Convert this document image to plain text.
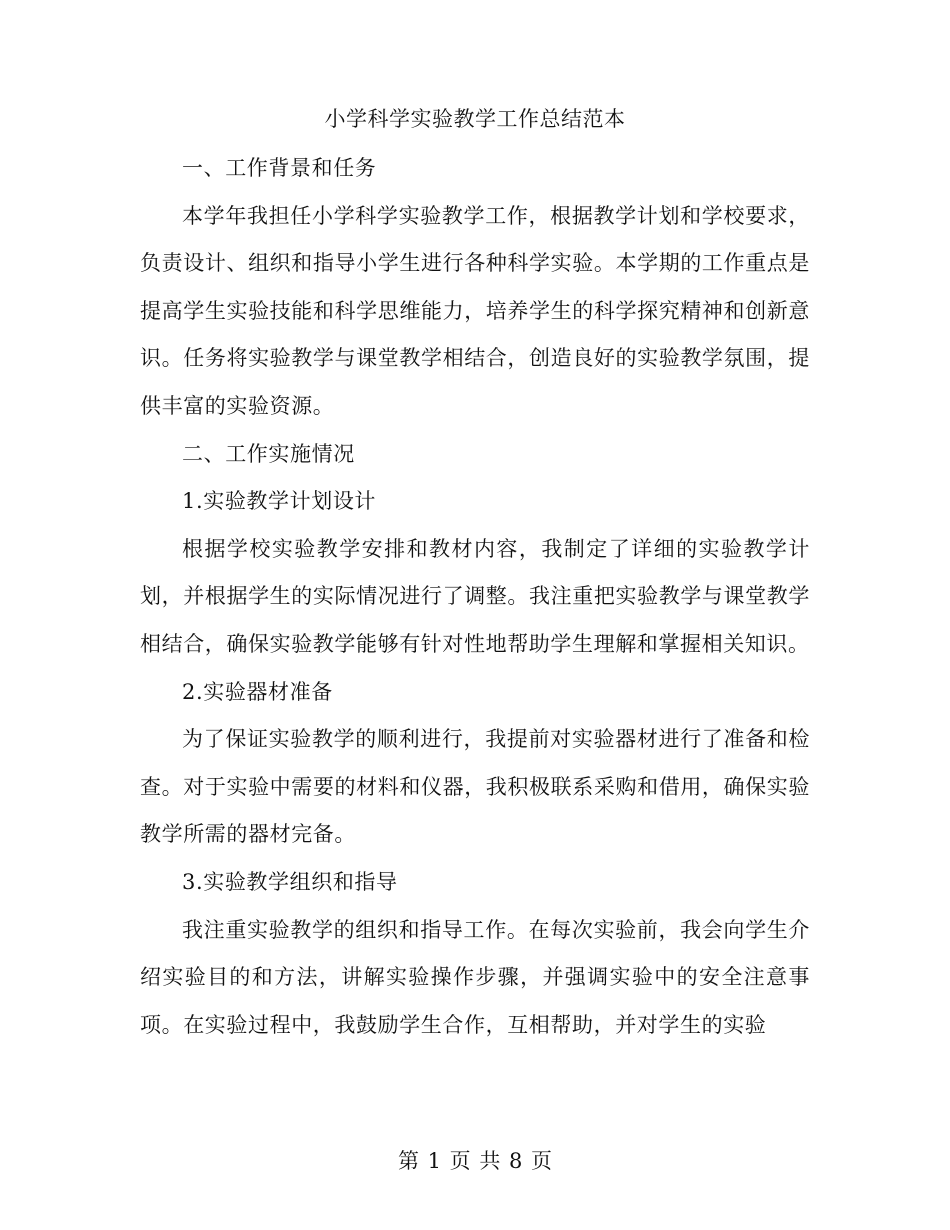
小学科学实验教学工作总结范本

一、工作背景和任务

本学年我担任小学科学实验教学工作，根据教学计划和学校要求，负责设计、组织和指导小学生进行各种科学实验。本学期的工作重点是提高学生实验技能和科学思维能力，培养学生的科学探究精神和创新意识。任务将实验教学与课堂教学相结合，创造良好的实验教学氛围，提供丰富的实验资源。

二、工作实施情况

1.实验教学计划设计

根据学校实验教学安排和教材内容，我制定了详细的实验教学计划，并根据学生的实际情况进行了调整。我注重把实验教学与课堂教学相结合，确保实验教学能够有针对性地帮助学生理解和掌握相关知识。

2.实验器材准备

为了保证实验教学的顺利进行，我提前对实验器材进行了准备和检查。对于实验中需要的材料和仪器，我积极联系采购和借用，确保实验教学所需的器材完备。

3.实验教学组织和指导

我注重实验教学的组织和指导工作。在每次实验前，我会向学生介绍实验目的和方法，讲解实验操作步骤，并强调实验中的安全注意事项。在实验过程中，我鼓励学生合作，互相帮助，并对学生的实验

第 1 页 共 8 页
